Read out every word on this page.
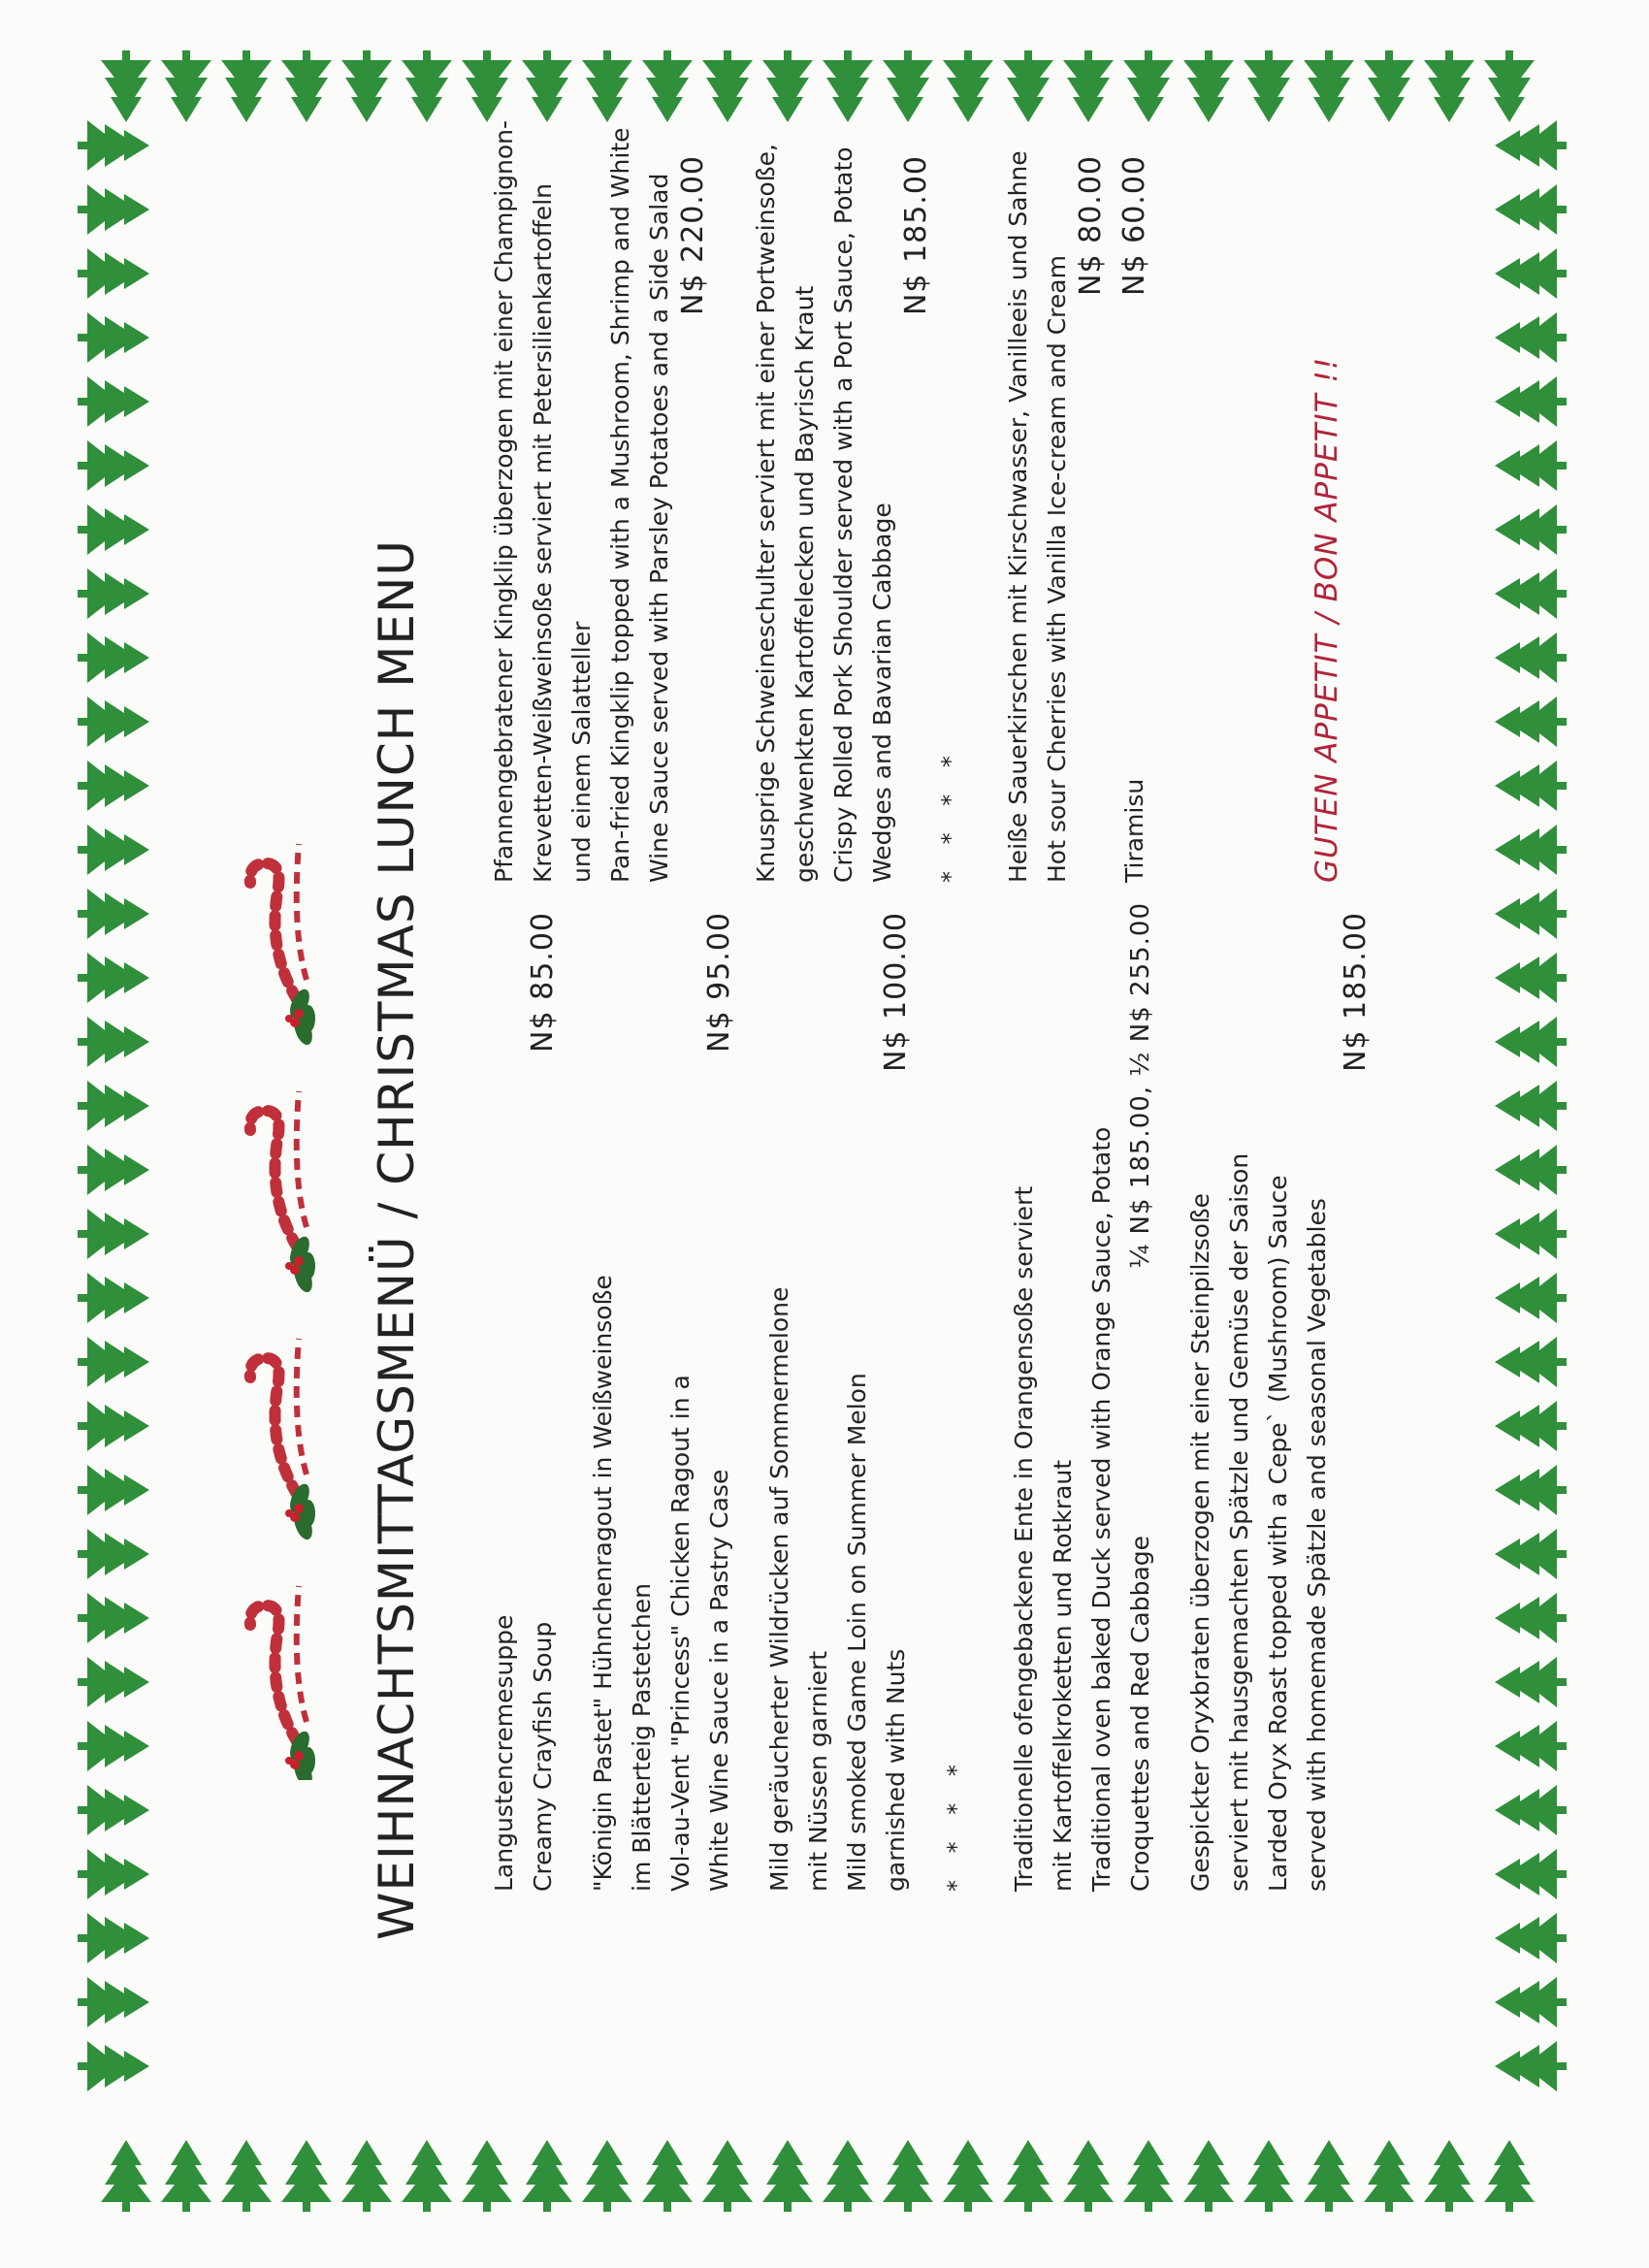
WEIHNACHTSMITTAGSMENÜ / CHRISTMAS LUNCH MENU	Langustencremesuppe Creamy Crayfish Soup
N$ 85.00
"Königin Pastet" Hühnchenragout in Weißweinsoße im Blätterteig Pastetchen Vol-au-Vent "Princess" Chicken Ragout in a White Wine Sauce in a Pastry Case
N$ 95.00
Mild geräucherter Wildrücken auf Sommermelone mit Nüssen garniert Mild smoked Game Loin on Summer Melon garnished with Nuts
N$ 100.00
* * * * Traditionelle ofengebackene Ente in Orangensoße serviert mit Kartoffelkroketten und Rotkraut Traditional oven baked Duck served with Orange Sauce, Potato Croquettes and Red Cabbage
¼ N$ 185.00, ½ N$ 255.00
Gespickter Oryxbraten überzogen mit einer Steinpilzsoße serviert mit hausgemachten Spätzle und Gemüse der Saison Larded Oryx Roast topped with a Cepe` (Mushroom) Sauce served with homemade Spätzle and seasonal Vegetables
N$ 185.00
Pfannengebratener Kingklip überzogen mit einer Champignon- Krevetten-Weißweinsoße serviert mit Petersilienkartoffeln und einem Salatteller Pan-fried Kingklip topped with a Mushroom, Shrimp and White Wine Sauce served with Parsley Potatoes and a Side Salad N$ 220.00 Knusprige Schweineschulter serviert mit einer Portweinsoße, geschwenkten Kartoffelecken und Bayrisch Kraut Crispy Rolled Pork Shoulder served with a Port Sauce, Potato Wedges and Bavarian Cabbage
N$ 185.00
* * * * Heiße Sauerkirschen mit Kirschwasser, Vanilleeis und Sahne Hot sour Cherries with Vanilla Ice-cream and Cream
N$ 80.00
Tiramisu
N$ 60.00
GUTEN APPETIT / BON APPETIT !!
